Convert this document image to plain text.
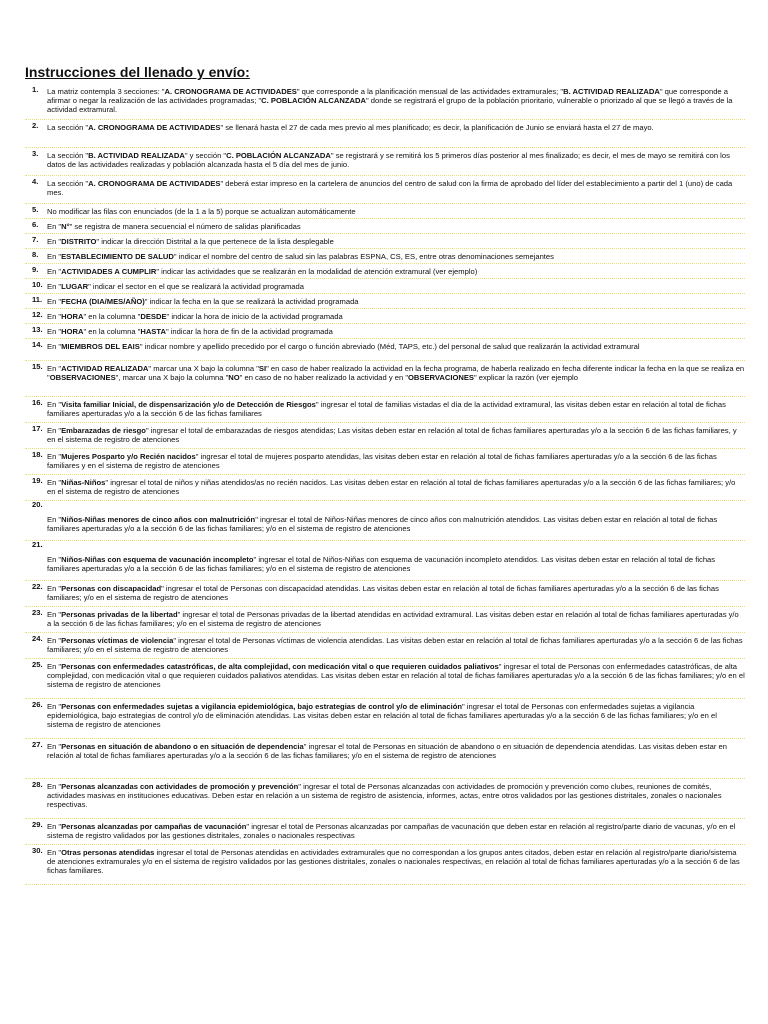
Instrucciones del llenado y envío:
1. La matriz contempla 3 secciones: "A. CRONOGRAMA DE ACTIVIDADES" que corresponde a la planificación mensual de las actividades extramurales; "B. ACTIVIDAD REALIZADA" que corresponde a afirmar o negar la realización de las actividades programadas; "C. POBLACIÓN ALCANZADA" donde se registrará el grupo de la población prioritario, vulnerable o priorizado al que se llegó a través de la actividad extramural.
2. La sección "A. CRONOGRAMA DE ACTIVIDADES" se llenará hasta el 27 de cada mes previo al mes planificado; es decir, la planificación de Junio se enviará hasta el 27 de mayo.
3. La sección "B. ACTIVIDAD REALIZADA" y sección "C. POBLACIÓN ALCANZADA" se registrará y se remitirá los 5 primeros días posterior al mes finalizado; es decir, el mes de mayo se remitirá con los datos de las actividades realizadas y población alcanzada hasta el 5 día del mes de junio.
4. La sección "A. CRONOGRAMA DE ACTIVIDADES" deberá estar impreso en la cartelera de anuncios del centro de salud con la firma de aprobado del líder del establecimiento a partir del 1 (uno) de cada mes.
5. No modificar las filas con enunciados (de la 1 a la 5) porque se actualizan automáticamente
6. En "N°" se registra de manera secuencial el número de salidas planificadas
7. En "DISTRITO" indicar la dirección Distrital a la que pertenece de la lista desplegable
8. En "ESTABLECIMIENTO DE SALUD" indicar el nombre del centro de salud sin las palabras ESPNA, CS, ES, entre otras denominaciones semejantes
9. En "ACTIVIDADES A CUMPLIR" indicar las actividades que se realizarán en la modalidad de atención extramural (ver ejemplo)
10. En "LUGAR" indicar el sector en el que se realizará la actividad programada
11. En "FECHA (DIA/MES/AÑO)" indicar la fecha en la que se realizará la actividad programada
12. En "HORA" en la columna "DESDE" indicar la hora de inicio de la actividad programada
13. En "HORA" en la columna "HASTA" indicar la hora de fin de la actividad programada
14. En "MIEMBROS DEL EAIS" indicar nombre y apellido precedido por el cargo o función abreviado (Méd, TAPS, etc.) del personal de salud que realizarán la actividad extramural
15. En "ACTIVIDAD REALIZADA" marcar una X bajo la columna "SI" en caso de haber realizado la actividad en la fecha programa, de haberla realizado en fecha diferente indicar la fecha en la que se realiza en "OBSERVACIONES", marcar una X bajo la columna "NO" en caso de no haber realizado la actividad y en "OBSERVACIONES" explicar la razón (ver ejemplo
16. En "Visita familiar Inicial, de dispensarización y/o de Detección de Riesgos" ingresar el total de familias vistadas el día de la actividad extramural, las visitas deben estar en relación al total de fichas familiares aperturadas y/o a la sección 6 de las fichas familiares
17. En "Embarazadas de riesgo" ingresar el total de embarazadas de riesgos atendidas; Las visitas deben estar en relación al total de fichas familiares aperturadas y/o a la sección 6 de las fichas familiares, y en el sistema de registro de atenciones
18. En "Mujeres Posparto y/o Recién nacidos" ingresar el total de mujeres posparto atendidas, las visitas deben estar en relación al total de fichas familiares aperturadas y/o a la sección 6 de las fichas familiares y en el sistema de registro de atenciones
19. En "Niñas-Niños" ingresar el total de niños y niñas atendidos/as no recién nacidos. Las visitas deben estar en relación al total de fichas familiares aperturadas y/o a la sección 6 de las fichas familiares; y/o en el sistema de registro de atenciones
20.
En "Niños-Niñas menores de cinco años con malnutrición" ingresar el total de Niños-Niñas menores de cinco años con malnutrición atendidos. Las visitas deben estar en relación al total de fichas familiares aperturadas y/o a la sección 6 de las fichas familiares; y/o en el sistema de registro de atenciones
21.
En "Niños-Niñas con esquema de vacunación incompleto" ingresar el total de Niños-Niñas con esquema de vacunación incompleto atendidos. Las visitas deben estar en relación al total de fichas familiares aperturadas y/o a la sección 6 de las fichas familiares; y/o en el sistema de registro de atenciones
22. En "Personas con discapacidad" ingresar el total de Personas con discapacidad atendidas. Las visitas deben estar en relación al total de fichas familiares aperturadas y/o a la sección 6 de las fichas familiares; y/o en el sistema de registro de atenciones
23. En "Personas privadas de la libertad" ingresar el total de Personas privadas de la libertad atendidas en actividad extramural. Las visitas deben estar en relación al total de fichas familiares aperturadas y/o a la sección 6 de las fichas familiares; y/o en el sistema de registro de atenciones
24. En "Personas víctimas de violencia" ingresar el total de Personas víctimas de violencia atendidas. Las visitas deben estar en relación al total de fichas familiares aperturadas y/o a la sección 6 de las fichas familiares; y/o en el sistema de registro de atenciones
25. En "Personas con enfermedades catastróficas, de alta complejidad, con medicación vital o que requieren cuidados paliativos" ingresar el total de Personas con enfermedades catastróficas, de alta complejidad, con medicación vital o que requieren cuidados paliativos atendidas. Las visitas deben estar en relación al total de fichas familiares aperturadas y/o a la sección 6 de las fichas familiares; y/o en el sistema de registro de atenciones
26. En "Personas con enfermedades sujetas a vigilancia epidemiológica, bajo estrategias de control y/o de eliminación" ingresar el total de Personas con enfermedades sujetas a vigilancia epidemiológica, bajo estrategias de control y/o de eliminación atendidas. Las visitas deben estar en relación al total de fichas familiares aperturadas y/o a la sección 6 de las fichas familiares; y/o en el sistema de registro de atenciones
27. En "Personas en situación de abandono o en situación de dependencia" ingresar el total de Personas en situación de abandono o en situación de dependencia atendidas. Las visitas deben estar en relación al total de fichas familiares aperturadas y/o a la sección 6 de las fichas familiares; y/o en el sistema de registro de atenciones
28. En "Personas alcanzadas con actividades de promoción y prevención" ingresar el total de Personas alcanzadas con actividades de promoción y prevención como clubes, reuniones de comités, actividades masivas en instituciones educativas. Deben estar en relación a un sistema de registro de asistencia, informes, actas, entre otros validados por las gestiones distritales, zonales o nacionales respectivas.
29. En "Personas alcanzadas por campañas de vacunación" ingresar el total de Personas alcanzadas por campañas de vacunación que deben estar en relación al registro/parte diario de vacunas, y/o en el sistema de registro validados por las gestiones distritales, zonales o nacionales respectivas
30. En "Otras personas atendidas ingresar el total de Personas atendidas en actividades extramurales que no correspondan a los grupos antes citados, deben estar en relación al registro/parte diario/sistema de atenciones extramurales y/o en el sistema de registro validados por las gestiones distritales, zonales o nacionales respectivas, en relación al total de fichas familiares aperturadas y/o a la sección 6 de las fichas familiares.
